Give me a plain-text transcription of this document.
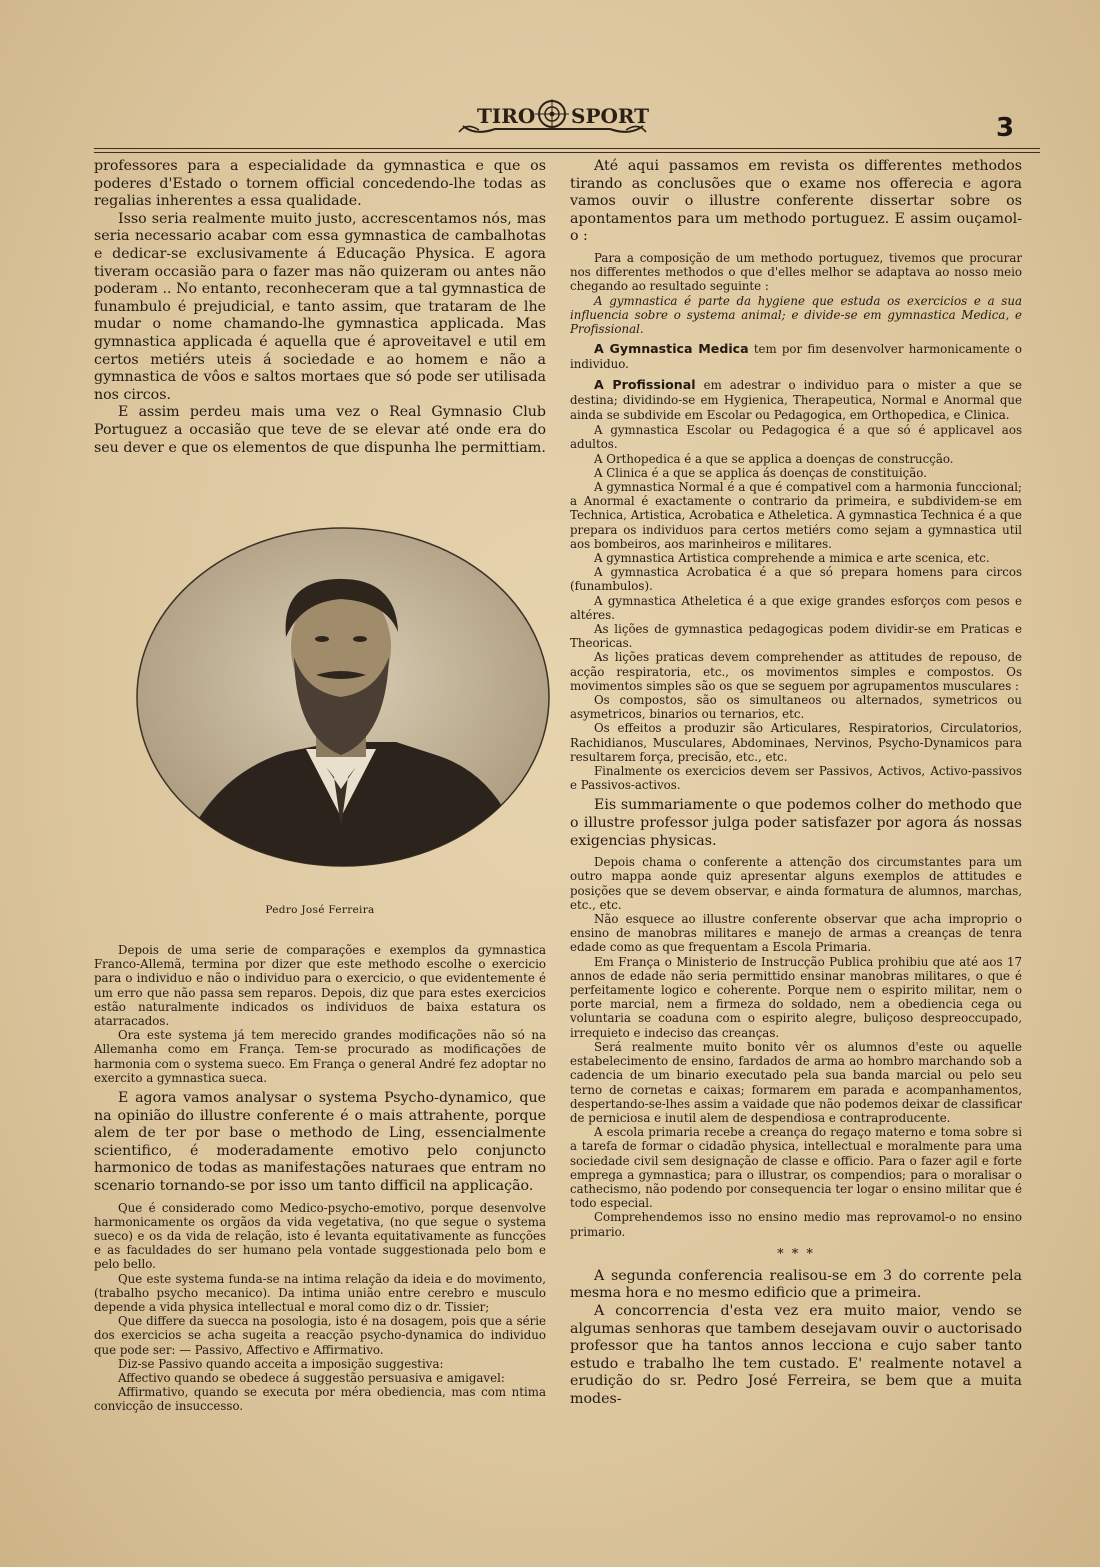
TIRO SPORT
TIRO E SPORT
3

professores para a especialidade da gymnastica e que os poderes d'Estado o tornem official concedendo-lhe todas as regalias inherentes a essa qualidade.

Isso seria realmente muito justo, accrescentamos nós, mas seria necessario acabar com essa gymnastica de cambalhotas e dedicar-se exclusivamente á Educação Physica. E agora tiveram occasião para o fazer mas não quizeram ou antes não poderam .. No entanto, reconheceram que a tal gymnastica de funambulo é prejudicial, e tanto assim, que trataram de lhe mudar o nome chamando-lhe gymnastica applicada. Mas gymnastica applicada é aquella que é aproveitavel e util em certos metiérs uteis á sociedade e ao homem e não a gymnastica de vôos e saltos mortaes que só pode ser utilisada nos circos.

E assim perdeu mais uma vez o Real Gymnasio Club Portuguez a occasião que teve de se elevar até onde era do seu dever e que os elementos de que dispunha lhe permittiam.

Pedro José Ferreira

Depois de uma serie de comparações e exemplos da gymnastica Franco-Allemã, termina por dizer que este methodo escolhe o exercicio para o individuo e não o individuo para o exercicio, o que evidentemente é um erro que não passa sem reparos. Depois, diz que para estes exercicios estão naturalmente indicados os individuos de baixa estatura os atarracados.

Ora este systema já tem merecido grandes modificações não só na Allemanha como em França. Tem-se procurado as modificações de harmonia com o systema sueco. Em França o general André fez adoptar no exercito a gymnastica sueca.

E agora vamos analysar o systema Psycho-dynamico, que na opinião do illustre conferente é o mais attrahente, porque alem de ter por base o methodo de Ling, essencialmente scientifico, é moderadamente emotivo pelo conjuncto harmonico de todas as manifestações naturaes que entram no scenario tornando-se por isso um tanto difficil na applicação.

Que é considerado como Medico-psycho-emotivo, porque desenvolve harmonicamente os orgãos da vida vegetativa, (no que segue o systema sueco) e os da vida de relação, isto é levanta equitativamente as funcções e as faculdades do ser humano pela vontade suggestionada pelo bom e pelo bello.

Que este systema funda-se na intima relação da ideia e do movimento, (trabalho psycho mecanico). Da intima união entre cerebro e musculo depende a vida physica intellectual e moral como diz o dr. Tissier;

Que differe da suecca na posologia, isto é na dosagem, pois que a série dos exercicios se acha sugeita a reacção psycho-dynamica do individuo que pode ser: — Passivo, Affectivo e Affirmativo.

Diz-se Passivo quando acceita a imposição suggestiva:

Affectivo quando se obedece á suggestão persuasiva e amigavel:

Affirmativo, quando se executa por méra obediencia, mas com ntima convicção de insuccesso.

Até aqui passamos em revista os differentes methodos tirando as conclusões que o exame nos offerecia e agora vamos ouvir o illustre conferente dissertar sobre os apontamentos para um methodo portuguez. E assim ouçamol-o :

Para a composição de um methodo portuguez, tivemos que procurar nos differentes methodos o que d'elles melhor se adaptava ao nosso meio chegando ao resultado seguinte :

A gymnastica é parte da hygiene que estuda os exercicios e a sua influencia sobre o systema animal; e divide-se em gymnastica Medica, e Profissional.

A Gymnastica Medica tem por fim desenvolver harmonicamente o individuo.

A Profissional em adestrar o individuo para o mister a que se destina; dividindo-se em Hygienica, Therapeutica, Normal e Anormal que ainda se subdivide em Escolar ou Pedagogica, em Orthopedica, e Clinica.

A gymnastica Escolar ou Pedagogica é a que só é applicavel aos adultos.

A Orthopedica é a que se applica a doenças de construcção.

A Clinica é a que se applica ás doenças de constituição.

A gymnastica Normal é a que é compativel com a harmonia funccional; a Anormal é exactamente o contrario da primeira, e subdividem-se em Technica, Artistica, Acrobatica e Atheletica. A gymnastica Technica é a que prepara os individuos para certos metiérs como sejam a gymnastica util aos bombeiros, aos marinheiros e militares.

A gymnastica Artistica comprehende a mimica e arte scenica, etc.

A gymnastica Acrobatica é a que só prepara homens para circos (funambulos).

A gymnastica Atheletica é a que exige grandes esforços com pesos e altéres.

As lições de gymnastica pedagogicas podem dividir-se em Praticas e Theoricas.

As lições praticas devem comprehender as attitudes de repouso, de acção respiratoria, etc., os movimentos simples e compostos. Os movimentos simples são os que se seguem por agrupamentos musculares :

Os compostos, são os simultaneos ou alternados, symetricos ou asymetricos, binarios ou ternarios, etc.

Os effeitos a produzir são Articulares, Respiratorios, Circulatorios, Rachidianos, Musculares, Abdominaes, Nervinos, Psycho-Dynamicos para resultarem força, precisão, etc., etc.

Finalmente os exercicios devem ser Passivos, Activos, Activo-passivos e Passivos-activos.

Eis summariamente o que podemos colher do methodo que o illustre professor julga poder satisfazer por agora ás nossas exigencias physicas.

Depois chama o conferente a attenção dos circumstantes para um outro mappa aonde quiz apresentar alguns exemplos de attitudes e posições que se devem observar, e ainda formatura de alumnos, marchas, etc., etc.

Não esquece ao illustre conferente observar que acha improprio o ensino de manobras militares e manejo de armas a creanças de tenra edade como as que frequentam a Escola Primaria.

Em França o Ministerio de Instrucção Publica prohibiu que até aos 17 annos de edade não seria permittido ensinar manobras militares, o que é perfeitamente logico e coherente. Porque nem o espirito militar, nem o porte marcial, nem a firmeza do soldado, nem a obediencia cega ou voluntaria se coaduna com o espirito alegre, buliçoso despreoccupado, irrequieto e indeciso das creanças.

Será realmente muito bonito vêr os alumnos d'este ou aquelle estabelecimento de ensino, fardados de arma ao hombro marchando sob a cadencia de um binario executado pela sua banda marcial ou pelo seu terno de cornetas e caixas; formarem em parada e acompanhamentos, despertando-se-lhes assim a vaidade que não podemos deixar de classificar de perniciosa e inutil alem de despendiosa e contraproducente.

A escola primaria recebe a creança do regaço materno e toma sobre si a tarefa de formar o cidadão physica, intellectual e moralmente para uma sociedade civil sem designação de classe e officio. Para o fazer agil e forte emprega a gymnastica; para o illustrar, os compendios; para o moralisar o cathecismo, não podendo por consequencia ter logar o ensino militar que é todo especial.

Comprehendemos isso no ensino medio mas reprovamol-o no ensino primario.

* * *

A segunda conferencia realisou-se em 3 do corrente pela mesma hora e no mesmo edificio que a primeira.

A concorrencia d'esta vez era muito maior, vendo se algumas senhoras que tambem desejavam ouvir o auctorisado professor que ha tantos annos lecciona e cujo saber tanto estudo e trabalho lhe tem custado. E' realmente notavel a erudição do sr. Pedro José Ferreira, se bem que a muita modes-
